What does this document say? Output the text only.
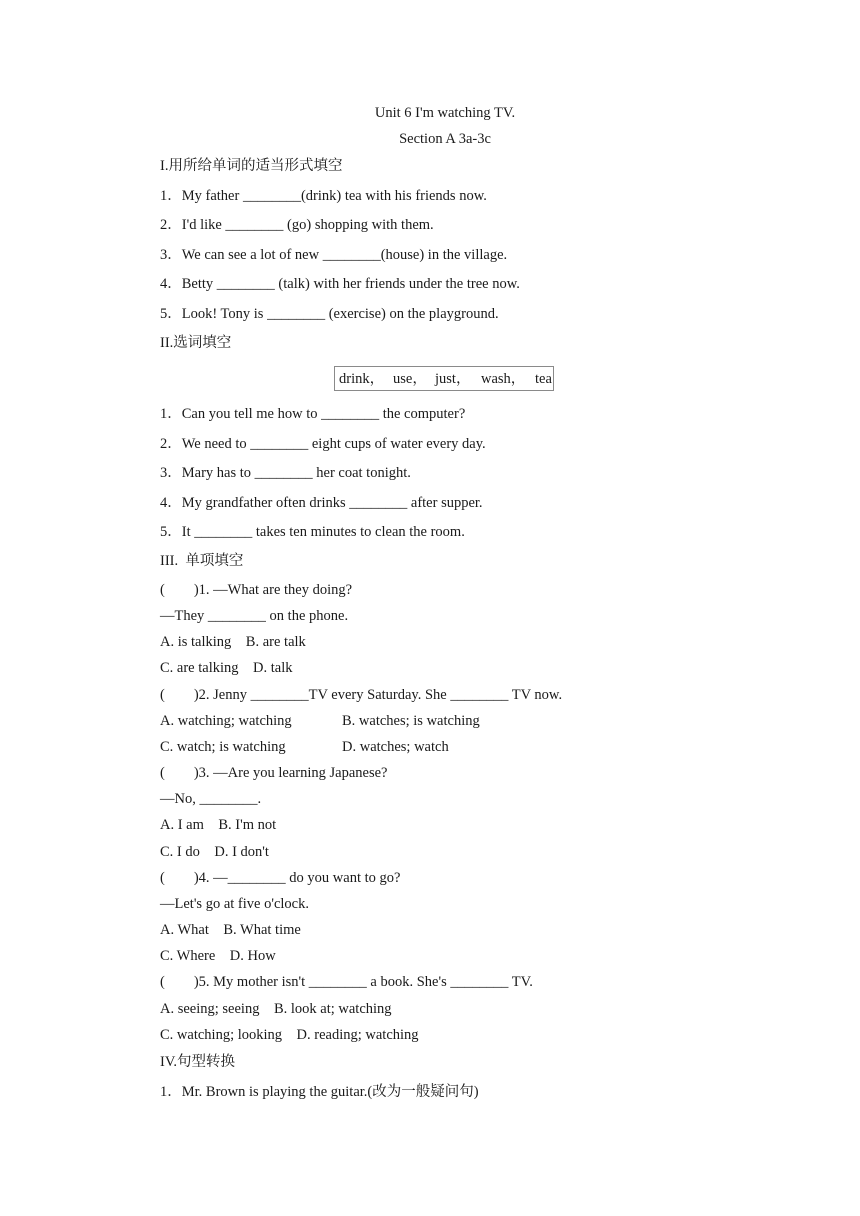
Unit 6 I'm watching TV.
Section A 3a-3c
I.用所给单词的适当形式填空
1．My father ________(drink) tea with his friends now.
2．I'd like ________ (go) shopping with them.
3．We can see a lot of new ________(house) in the village.
4．Betty ________ (talk) with her friends under the tree now.
5．Look! Tony is ________ (exercise) on the playground.
II.选词填空
drink， use， just， wash， tea
1．Can you tell me how to ________ the computer?
2．We need to ________ eight cups of water every day.
3．Mary has to ________ her coat tonight.
4．My grandfather often drinks ________ after supper.
5．It ________ takes ten minutes to clean the room.
III.  单项填空
(        )1. —What are they doing?
—They ________ on the phone.
A. is talking    B. are talk
C. are talking    D. talk
(        )2. Jenny ________TV every Saturday. She ________ TV now.
A. watching; watching	B. watches; is watching
C. watch; is watching	D. watches; watch
(        )3. —Are you learning Japanese?
—No, ________.
A. I am    B. I'm not
C. I do    D. I don't
(        )4. —________ do you want to go?
—Let's go at five o'clock.
A. What    B. What time
C. Where    D. How
(        )5. My mother isn't ________ a book. She's ________ TV.
A. seeing; seeing    B. look at; watching
C. watching; looking    D. reading; watching
IV.句型转换
1．Mr. Brown is playing the guitar.(改为一般疑问句)
